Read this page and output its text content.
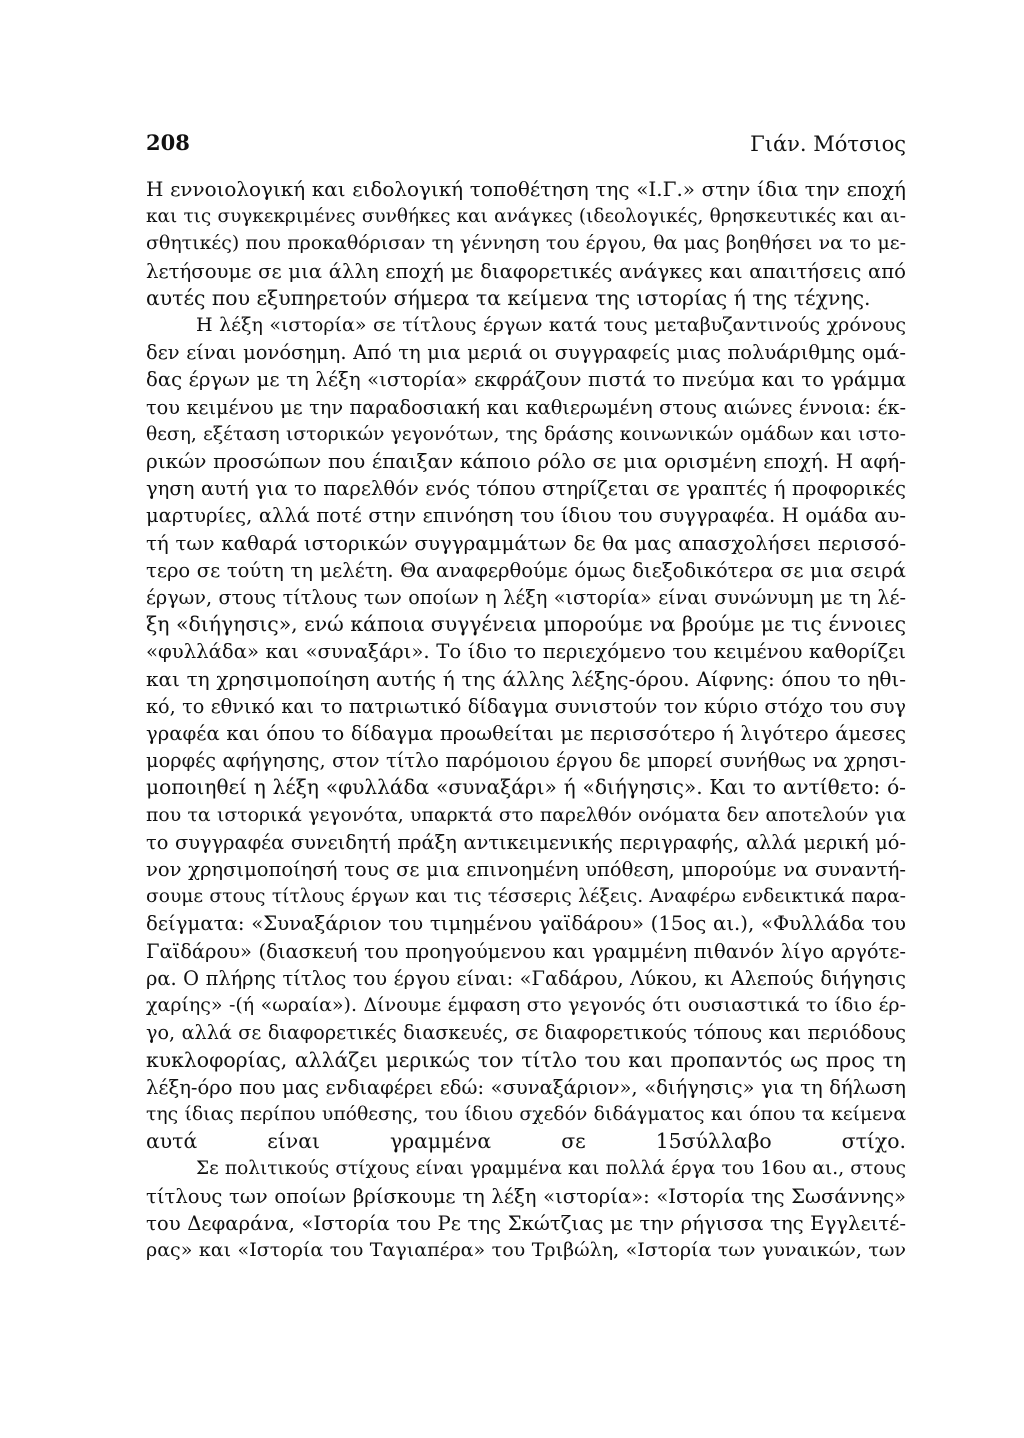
208	Γιάν. Μότσιος

Η εννοιολογική και ειδολογική τοποθέτηση της «Ι.Γ.» στην ίδια την εποχή
και τις συγκεκριμένες συνθήκες και ανάγκες (ιδεολογικές, θρησκευτικές και αι-
σθητικές) που προκαθόρισαν τη γέννηση του έργου, θα μας βοηθήσει να το με-
λετήσουμε σε μια άλλη εποχή με διαφορετικές ανάγκες και απαιτήσεις από
αυτές που εξυπηρετούν σήμερα τα κείμενα της ιστορίας ή της τέχνης.

Η λέξη «ιστορία» σε τίτλους έργων κατά τους μεταβυζαντινούς χρόνους
δεν είναι μονόσημη. Από τη μια μεριά οι συγγραφείς μιας πολυάριθμης ομά-
δας έργων με τη λέξη «ιστορία» εκφράζουν πιστά το πνεύμα και το γράμμα
του κειμένου με την παραδοσιακή και καθιερωμένη στους αιώνες έννοια: έκ-
θεση, εξέταση ιστορικών γεγονότων, της δράσης κοινωνικών ομάδων και ιστο-
ρικών προσώπων που έπαιξαν κάποιο ρόλο σε μια ορισμένη εποχή. Η αφή-
γηση αυτή για το παρελθόν ενός τόπου στηρίζεται σε γραπτές ή προφορικές
μαρτυρίες, αλλά ποτέ στην επινόηση του ίδιου του συγγραφέα. Η ομάδα αυ-
τή των καθαρά ιστορικών συγγραμμάτων δε θα μας απασχολήσει περισσό-
τερο σε τούτη τη μελέτη. Θα αναφερθούμε όμως διεξοδικότερα σε μια σειρά
έργων, στους τίτλους των οποίων η λέξη «ιστορία» είναι συνώνυμη με τη λέ-
ξη «διήγησις», ενώ κάποια συγγένεια μπορούμε να βρούμε με τις έννοιες
«φυλλάδα» και «συναξάρι». Το ίδιο το περιεχόμενο του κειμένου καθορίζει
και τη χρησιμοποίηση αυτής ή της άλλης λέξης-όρου. Αίφνης: όπου το ηθι-
κό, το εθνικό και το πατριωτικό δίδαγμα συνιστούν τον κύριο στόχο του συγ
γραφέα και όπου το δίδαγμα προωθείται με περισσότερο ή λιγότερο άμεσες
μορφές αφήγησης, στον τίτλο παρόμοιου έργου δε μπορεί συνήθως να χρησι-
μοποιηθεί η λέξη «φυλλάδα «συναξάρι» ή «διήγησις». Και το αντίθετο: ό-
που τα ιστορικά γεγονότα, υπαρκτά στο παρελθόν ονόματα δεν αποτελούν για
το συγγραφέα συνειδητή πράξη αντικειμενικής περιγραφής, αλλά μερική μό-
νον χρησιμοποίησή τους σε μια επινοημένη υπόθεση, μπορούμε να συναντή-
σουμε στους τίτλους έργων και τις τέσσερις λέξεις. Αναφέρω ενδεικτικά παρα-
δείγματα: «Συναξάριον του τιμημένου γαϊδάρου» (15ος αι.), «Φυλλάδα του
Γαϊδάρου» (διασκευή του προηγούμενου και γραμμένη πιθανόν λίγο αργότε-
ρα. Ο πλήρης τίτλος του έργου είναι: «Γαδάρου, Λύκου, κι Αλεπούς διήγησις
χαρίης» -(ή «ωραία»). Δίνουμε έμφαση στο γεγονός ότι ουσιαστικά το ίδιο έρ-
γο, αλλά σε διαφορετικές διασκευές, σε διαφορετικούς τόπους και περιόδους
κυκλοφορίας, αλλάζει μερικώς τον τίτλο του και προπαντός ως προς τη
λέξη-όρο που μας ενδιαφέρει εδώ: «συναξάριον», «διήγησις» για τη δήλωση
της ίδιας περίπου υπόθεσης, του ίδιου σχεδόν διδάγματος και όπου τα κείμενα
αυτά είναι γραμμένα σε 15σύλλαβο στίχο.

Σε πολιτικούς στίχους είναι γραμμένα και πολλά έργα του 16ου αι., στους
τίτλους των οποίων βρίσκουμε τη λέξη «ιστορία»: «Ιστορία της Σωσάννης»
του Δεφαράνα, «Ιστορία του Ρε της Σκώτζιας με την ρήγισσα της Εγγλειτέ-
ρας» και «Ιστορία του Ταγιαπέρα» του Τριβώλη, «Ιστορία των γυναικών, των
